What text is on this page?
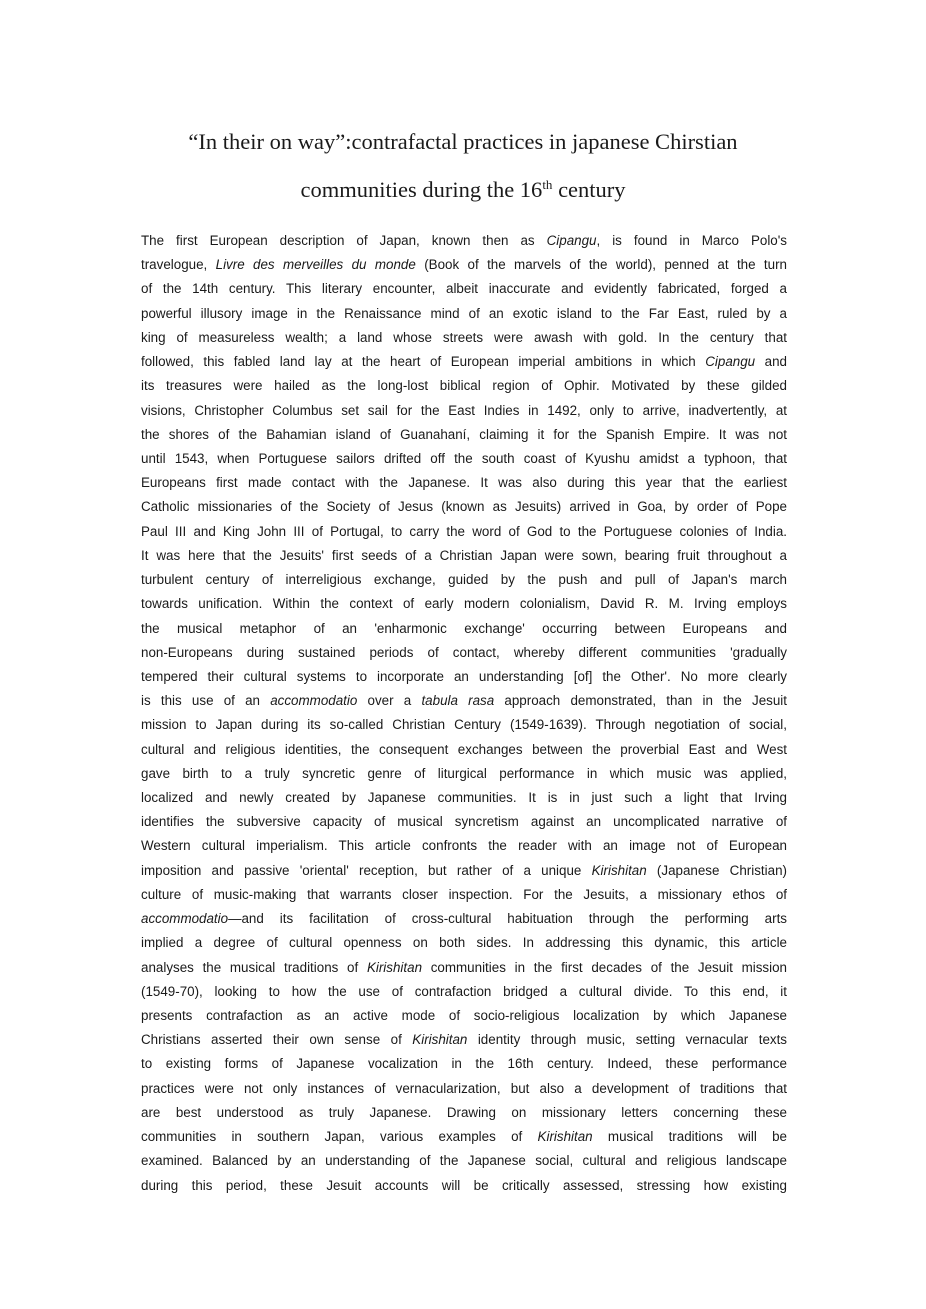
“In their on way”:contrafactal practices in japanese Chirstian
communities during the 16th century
The first European description of Japan, known then as Cipangu, is found in Marco Polo's
travelogue, Livre des merveilles du monde (Book of the marvels of the world), penned at the turn
of the 14th century. This literary encounter, albeit inaccurate and evidently fabricated, forged a
powerful illusory image in the Renaissance mind of an exotic island to the Far East, ruled by a
king of measureless wealth; a land whose streets were awash with gold. In the century that
followed, this fabled land lay at the heart of European imperial ambitions in which Cipangu and
its treasures were hailed as the long-lost biblical region of Ophir. Motivated by these gilded
visions, Christopher Columbus set sail for the East Indies in 1492, only to arrive, inadvertently, at
the shores of the Bahamian island of Guanahaní, claiming it for the Spanish Empire. It was not
until 1543, when Portuguese sailors drifted off the south coast of Kyushu amidst a typhoon, that
Europeans first made contact with the Japanese. It was also during this year that the earliest
Catholic missionaries of the Society of Jesus (known as Jesuits) arrived in Goa, by order of Pope
Paul III and King John III of Portugal, to carry the word of God to the Portuguese colonies of India.
It was here that the Jesuits' first seeds of a Christian Japan were sown, bearing fruit throughout a
turbulent century of interreligious exchange, guided by the push and pull of Japan's march
towards unification. Within the context of early modern colonialism, David R. M. Irving employs
the musical metaphor of an 'enharmonic exchange' occurring between Europeans and
non-Europeans during sustained periods of contact, whereby different communities 'gradually
tempered their cultural systems to incorporate an understanding [of] the Other'. No more clearly
is this use of an accommodatio over a tabula rasa approach demonstrated, than in the Jesuit
mission to Japan during its so-called Christian Century (1549-1639). Through negotiation of social,
cultural and religious identities, the consequent exchanges between the proverbial East and West
gave birth to a truly syncretic genre of liturgical performance in which music was applied,
localized and newly created by Japanese communities. It is in just such a light that Irving
identifies the subversive capacity of musical syncretism against an uncomplicated narrative of
Western cultural imperialism. This article confronts the reader with an image not of European
imposition and passive 'oriental' reception, but rather of a unique Kirishitan (Japanese Christian)
culture of music-making that warrants closer inspection. For the Jesuits, a missionary ethos of
accommodatio—and its facilitation of cross-cultural habituation through the performing arts
implied a degree of cultural openness on both sides. In addressing this dynamic, this article
analyses the musical traditions of Kirishitan communities in the first decades of the Jesuit mission
(1549-70), looking to how the use of contrafaction bridged a cultural divide. To this end, it
presents contrafaction as an active mode of socio-religious localization by which Japanese
Christians asserted their own sense of Kirishitan identity through music, setting vernacular texts
to existing forms of Japanese vocalization in the 16th century. Indeed, these performance
practices were not only instances of vernacularization, but also a development of traditions that
are best understood as truly Japanese. Drawing on missionary letters concerning these
communities in southern Japan, various examples of Kirishitan musical traditions will be
examined. Balanced by an understanding of the Japanese social, cultural and religious landscape
during this period, these Jesuit accounts will be critically assessed, stressing how existing
